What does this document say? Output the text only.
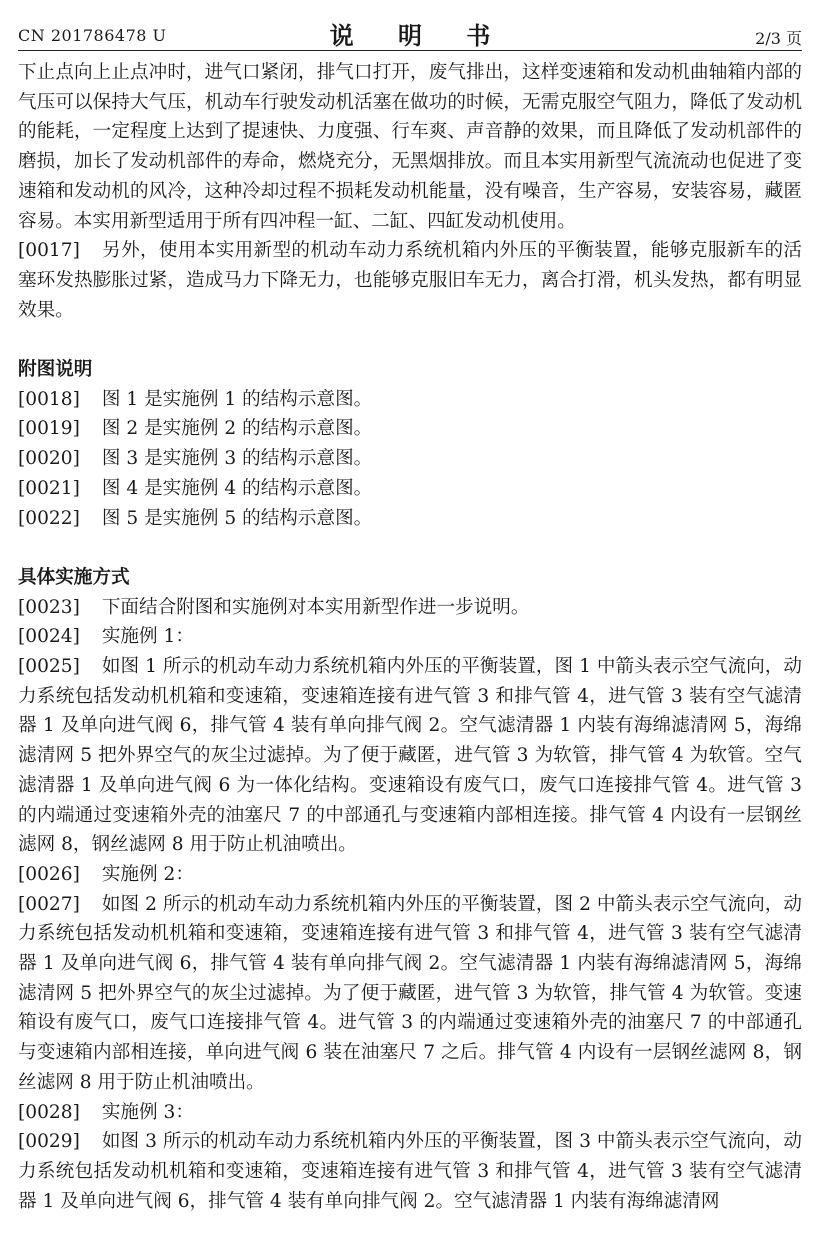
CN 201786478 U	说 明 书	2/3 页

下止点向上止点冲时，进气口紧闭，排气口打开，废气排出，这样变速箱和发动机曲轴箱内部的气压可以保持大气压，机动车行驶发动机活塞在做功的时候，无需克服空气阻力，降低了发动机的能耗，一定程度上达到了提速快、力度强、行车爽、声音静的效果，而且降低了发动机部件的磨损，加长了发动机部件的寿命，燃烧充分，无黑烟排放。而且本实用新型气流流动也促进了变速箱和发动机的风冷，这种冷却过程不损耗发动机能量，没有噪音，生产容易，安装容易，藏匿容易。本实用新型适用于所有四冲程一缸、二缸、四缸发动机使用。

[0017] 另外，使用本实用新型的机动车动力系统机箱内外压的平衡装置，能够克服新车的活塞环发热膨胀过紧，造成马力下降无力，也能够克服旧车无力，离合打滑，机头发热，都有明显效果。

附图说明

[0018] 图 1 是实施例 1 的结构示意图。

[0019] 图 2 是实施例 2 的结构示意图。

[0020] 图 3 是实施例 3 的结构示意图。

[0021] 图 4 是实施例 4 的结构示意图。

[0022] 图 5 是实施例 5 的结构示意图。

具体实施方式

[0023] 下面结合附图和实施例对本实用新型作进一步说明。

[0024] 实施例 1：

[0025] 如图 1 所示的机动车动力系统机箱内外压的平衡装置，图 1 中箭头表示空气流向，动力系统包括发动机机箱和变速箱，变速箱连接有进气管 3 和排气管 4，进气管 3 装有空气滤清器 1 及单向进气阀 6，排气管 4 装有单向排气阀 2。空气滤清器 1 内装有海绵滤清网 5，海绵滤清网 5 把外界空气的灰尘过滤掉。为了便于藏匿，进气管 3 为软管，排气管 4 为软管。空气滤清器 1 及单向进气阀 6 为一体化结构。变速箱设有废气口，废气口连接排气管 4。进气管 3 的内端通过变速箱外壳的油塞尺 7 的中部通孔与变速箱内部相连接。排气管 4 内设有一层钢丝滤网 8，钢丝滤网 8 用于防止机油喷出。

[0026] 实施例 2：

[0027] 如图 2 所示的机动车动力系统机箱内外压的平衡装置，图 2 中箭头表示空气流向，动力系统包括发动机机箱和变速箱，变速箱连接有进气管 3 和排气管 4，进气管 3 装有空气滤清器 1 及单向进气阀 6，排气管 4 装有单向排气阀 2。空气滤清器 1 内装有海绵滤清网 5，海绵滤清网 5 把外界空气的灰尘过滤掉。为了便于藏匿，进气管 3 为软管，排气管 4 为软管。变速箱设有废气口，废气口连接排气管 4。进气管 3 的内端通过变速箱外壳的油塞尺 7 的中部通孔与变速箱内部相连接，单向进气阀 6 装在油塞尺 7 之后。排气管 4 内设有一层钢丝滤网 8，钢丝滤网 8 用于防止机油喷出。

[0028] 实施例 3：

[0029] 如图 3 所示的机动车动力系统机箱内外压的平衡装置，图 3 中箭头表示空气流向，动力系统包括发动机机箱和变速箱，变速箱连接有进气管 3 和排气管 4，进气管 3 装有空气滤清器 1 及单向进气阀 6，排气管 4 装有单向排气阀 2。空气滤清器 1 内装有海绵滤清网
